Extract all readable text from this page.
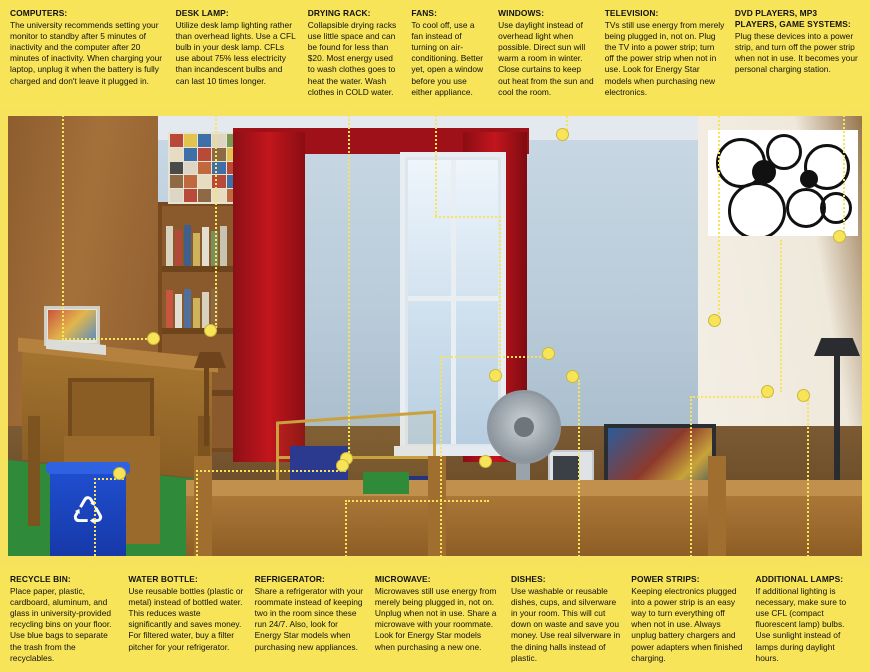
COMPUTERS:
The university recommends setting your monitor to standby after 5 minutes of inactivity and the computer after 20 minutes of inactivity. When charging your laptop, unplug it when the battery is fully charged and don't leave it plugged in.
DESK LAMP:
Utilize desk lamp lighting rather than overhead lights. Use a CFL bulb in your desk lamp. CFLs use about 75% less electricity than incandescent bulbs and can last 10 times longer.
DRYING RACK:
Collapsible drying racks use little space and can be found for less than $20. Most energy used to wash clothes goes to heat the water. Wash clothes in COLD water.
FANS:
To cool off, use a fan instead of turning on air-conditioning. Better yet, open a window before you use either appliance.
WINDOWS:
Use daylight instead of overhead light when possible. Direct sun will warm a room in winter. Close curtains to keep out heat from the sun and cool the room.
TELEVISION:
TVs still use energy from merely being plugged in, not on. Plug the TV into a power strip; turn off the power strip when not in use. Look for Energy Star models when purchasing new electronics.
DVD PLAYERS, MP3 PLAYERS, GAME SYSTEMS:
Plug these devices into a power strip, and turn off the power strip when not in use. It becomes your personal charging station.
♺
RECYCLE BIN:
Place paper, plastic, cardboard, aluminum, and glass in university-provided recycling bins on your floor. Use blue bags to separate the trash from the recyclables.
WATER BOTTLE:
Use reusable bottles (plastic or metal) instead of bottled water. This reduces waste significantly and saves money. For filtered water, buy a filter pitcher for your refrigerator.
REFRIGERATOR:
Share a refrigerator with your roommate instead of keeping two in the room since these run 24/7. Also, look for Energy Star models when purchasing new appliances.
MICROWAVE:
Microwaves still use energy from merely being plugged in, not on. Unplug when not in use. Share a microwave with your roommate. Look for Energy Star models when purchasing a new one.
DISHES:
Use washable or reusable dishes, cups, and silverware in your room. This will cut down on waste and save you money. Use real silverware in the dining halls instead of plastic.
POWER STRIPS:
Keeping electronics plugged into a power strip is an easy way to turn everything off when not in use. Always unplug battery chargers and power adapters when finished charging.
ADDITIONAL LAMPS:
If additional lighting is necessary, make sure to use CFL (compact fluorescent lamp) bulbs. Use sunlight instead of lamps during daylight hours.
